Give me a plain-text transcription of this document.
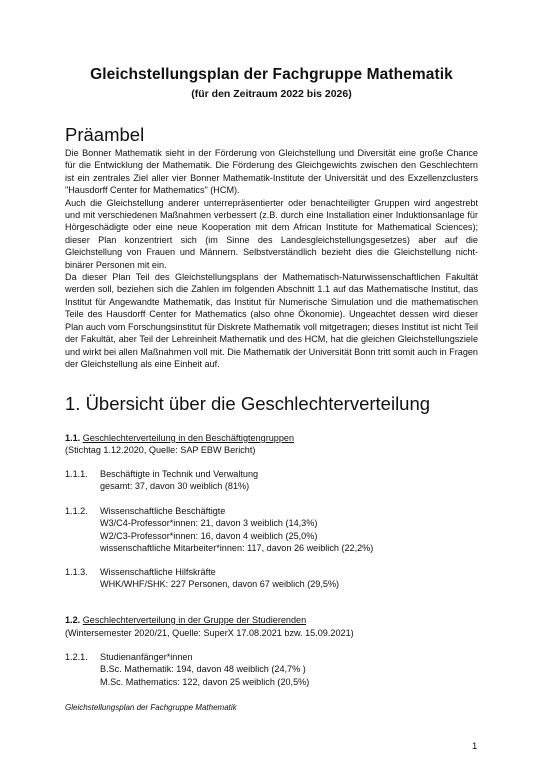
Gleichstellungsplan der Fachgruppe Mathematik
(für den Zeitraum 2022 bis 2026)
Präambel

Die Bonner Mathematik sieht in der Förderung von Gleichstellung und Diversität eine große Chance für die Entwicklung der Mathematik. Die Förderung des Gleichgewichts zwischen den Geschlechtern ist ein zentrales Ziel aller vier Bonner Mathematik-Institute der Universität und des Exzellenzclusters "Hausdorff Center for Mathematics" (HCM).

Auch die Gleichstellung anderer unterrepräsentierter oder benachteiligter Gruppen wird angestrebt und mit verschiedenen Maßnahmen verbessert (z.B. durch eine Installation einer Induktionsanlage für Hörgeschädigte oder eine neue Kooperation mit dem African Institute for Mathematical Sciences); dieser Plan konzentriert sich (im Sinne des Landesgleichstellungsgesetzes) aber auf die Gleichstellung von Frauen und Männern. Selbstverständlich bezieht dies die Gleichstellung nicht-binärer Personen mit ein.

Da dieser Plan Teil des Gleichstellungsplans der Mathematisch-Naturwissenschaftlichen Fakultät werden soll, beziehen sich die Zahlen im folgenden Abschnitt 1.1 auf das Mathematische Institut, das Institut für Angewandte Mathematik, das Institut für Numerische Simulation und die mathematischen Teile des Hausdorff Center for Mathematics (also ohne Ökonomie). Ungeachtet dessen wird dieser Plan auch vom Forschungsinstitut für Diskrete Mathematik voll mitgetragen; dieses Institut ist nicht Teil der Fakultät, aber Teil der Lehreinheit Mathematik und des HCM, hat die gleichen Gleichstellungsziele und wirkt bei allen Maßnahmen voll mit. Die Mathematik der Universität Bonn tritt somit auch in Fragen der Gleichstellung als eine Einheit auf.

1. Übersicht über die Geschlechterverteilung
1.1. Geschlechterverteilung in den Beschäftigtengruppen
(Stichtag 1.12.2020, Quelle: SAP EBW Bericht)
1.1.1.	Beschäftigte in Technik und Verwaltung
gesamt: 37, davon 30 weiblich (81%)
1.1.2.	Wissenschaftliche Beschäftigte
W3/C4-Professor*innen: 21, davon 3 weiblich (14,3%)
W2/C3-Professor*innen: 16, davon 4 weiblich (25,0%)
wissenschaftliche Mitarbeiter*innen: 117, davon 26 weiblich (22,2%)
1.1.3.	Wissenschaftliche Hilfskräfte
WHK/WHF/SHK: 227 Personen, davon 67 weiblich (29,5%)
1.2. Geschlechterverteilung in der Gruppe der Studierenden
(Wintersemester 2020/21, Quelle: SuperX 17.08.2021 bzw. 15.09.2021)
1.2.1.	Studienanfänger*innen
B.Sc. Mathematik: 194, davon 48 weiblich (24,7% )
M.Sc. Mathematics: 122, davon 25 weiblich (20,5%)
Gleichstellungsplan der Fachgruppe Mathematik
1
